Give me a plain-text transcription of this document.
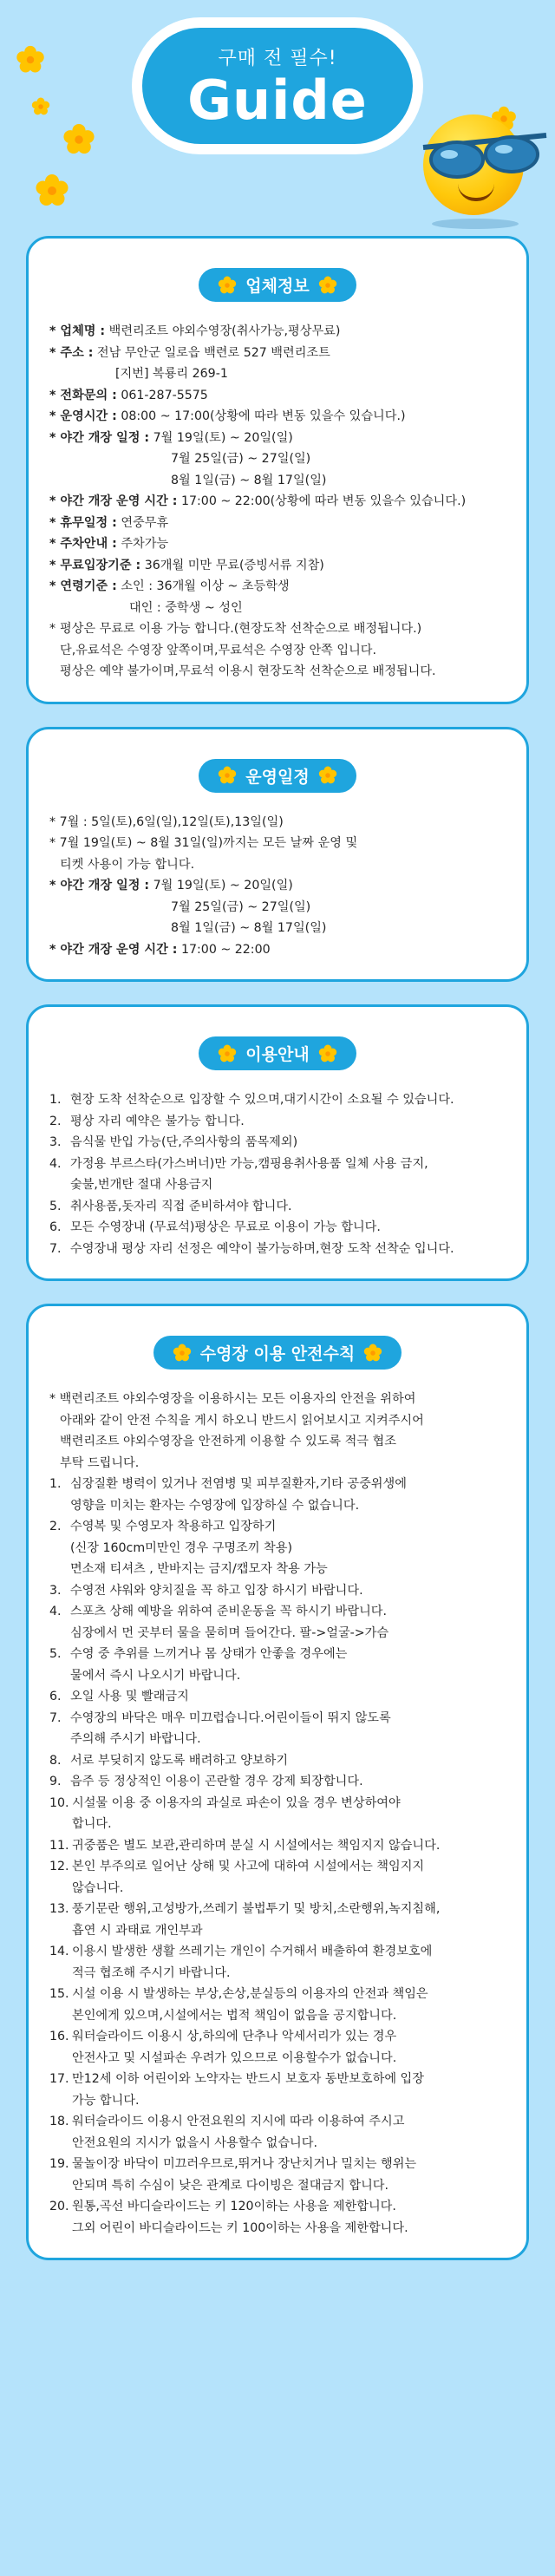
구매 전 필수!
Guide
업체정보
* 업체명 :
백련리조트 야외수영장(취사가능,평상무료)
* 주소 :
전남 무안군 일로읍 백련로 527 백련리조트
[지번] 복룡리 269-1
* 전화문의 :
061-287-5575
* 운영시간 :
08:00 ~ 17:00(상황에 따라 변동 있을수 있습니다.)
* 야간 개장 일정 :
7월 19일(토) ~ 20일(일)
7월 25일(금) ~ 27일(일)
8월 1일(금) ~ 8월 17일(일)
* 야간 개장 운영 시간 :
17:00 ~ 22:00(상황에 따라 변동 있을수 있습니다.)
* 휴무일정 :
연중무휴
* 주차안내 :
주차가능
* 무료입장기준 :
36개월 미만 무료(증빙서류 지참)
* 연령기준 :
소인 : 36개월 이상 ~ 초등학생
대인 : 중학생 ~ 성인
* 평상은 무료로 이용 가능 합니다.(현장도착 선착순으로 배정됩니다.)
단,유료석은 수영장 앞쪽이며,무료석은 수영장 안쪽 입니다.
평상은 예약 불가이며,무료석 이용시 현장도착 선착순으로 배정됩니다.
운영일정
* 7월 : 5일(토),6일(일),12일(토),13일(일)
* 7월 19일(토) ~ 8월 31일(일)까지는 모든 날짜 운영 및
티켓 사용이 가능 합니다.
* 야간 개장 일정 :
7월 19일(토) ~ 20일(일)
7월 25일(금) ~ 27일(일)
8월 1일(금) ~ 8월 17일(일)
* 야간 개장 운영 시간 :
17:00 ~ 22:00
이용안내
1. 현장 도착 선착순으로 입장할 수 있으며,대기시간이 소요될 수 있습니다.
2. 평상 자리 예약은 불가능 합니다.
3. 음식물 반입 가능(단,주의사항의 품목제외)
4. 가정용 부르스타(가스버너)만 가능,캠핑용취사용품 일체 사용 금지,
숯불,번개탄 절대 사용금지
5. 취사용품,돗자리 직접 준비하셔야 합니다.
6. 모든 수영장내 (무료석)평상은 무료로 이용이 가능 합니다.
7. 수영장내 평상 자리 선정은 예약이 불가능하며,현장 도착 선착순 입니다.
수영장 이용 안전수칙
* 백련리조트 야외수영장을 이용하시는 모든 이용자의 안전을 위하여
아래와 같이 안전 수칙을 게시 하오니 반드시 읽어보시고 지켜주시어
백련리조트 야외수영장을 안전하게 이용할 수 있도록 적극 협조
부탁 드립니다.
1. 심장질환 병력이 있거나 전염병 및 피부질환자,기타 공중위생에
영향을 미치는 환자는 수영장에 입장하실 수 없습니다.
2. 수영복 및 수영모자 착용하고 입장하기
(신장 160cm미만인 경우 구명조끼 착용)
면소재 티셔츠 , 반바지는 금지/캡모자 착용 가능
3. 수영전 샤워와 양치질을 꼭 하고 입장 하시기 바랍니다.
4. 스포츠 상해 예방을 위하여 준비운동을 꼭 하시기 바랍니다.
심장에서 먼 곳부터 물을 묻히며 들어간다. 팔->얼굴->가슴
5. 수영 중 추위를 느끼거나 몸 상태가 안좋을 경우에는
물에서 즉시 나오시기 바랍니다.
6. 오일 사용 및 빨래금지
7. 수영장의 바닥은 매우 미끄럽습니다.어린이들이 뛰지 않도록
주의해 주시기 바랍니다.
8. 서로 부딪히지 않도록 배려하고 양보하기
9. 음주 등 정상적인 이용이 곤란할 경우 강제 퇴장합니다.
10. 시설물 이용 중 이용자의 과실로 파손이 있을 경우 변상하여야
합니다.
11. 귀중품은 별도 보관,관리하며 분실 시 시설에서는 책임지지 않습니다.
12. 본인 부주의로 일어난 상해 및 사고에 대하여 시설에서는 책임지지
않습니다.
13. 풍기문란 행위,고성방가,쓰레기 불법투기 및 방치,소란행위,녹지침해,
흡연 시 과태료 개인부과
14. 이용시 발생한 생활 쓰레기는 개인이 수거해서 배출하여 환경보호에
적극 협조해 주시기 바랍니다.
15. 시설 이용 시 발생하는 부상,손상,분실등의 이용자의 안전과 책임은
본인에게 있으며,시설에서는 법적 책임이 없음을 공지합니다.
16. 워터슬라이드 이용시 상,하의에 단추나 악세서리가 있는 경우
안전사고 및 시설파손 우려가 있으므로 이용할수가 없습니다.
17. 만12세 이하 어린이와 노약자는 반드시 보호자 동반보호하에 입장
가능 합니다.
18. 워터슬라이드 이용시 안전요원의 지시에 따라 이용하여 주시고
안전요원의 지시가 없을시 사용할수 없습니다.
19. 물놀이장 바닥이 미끄러우므로,뛰거나 장난치거나 밀치는 행위는
안되며 특히 수심이 낮은 관계로 다이빙은 절대금지 합니다.
20. 원통,곡선 바디슬라이드는 키 120이하는 사용을 제한합니다.
그외 어린이 바디슬라이드는 키 100이하는 사용을 제한합니다.
